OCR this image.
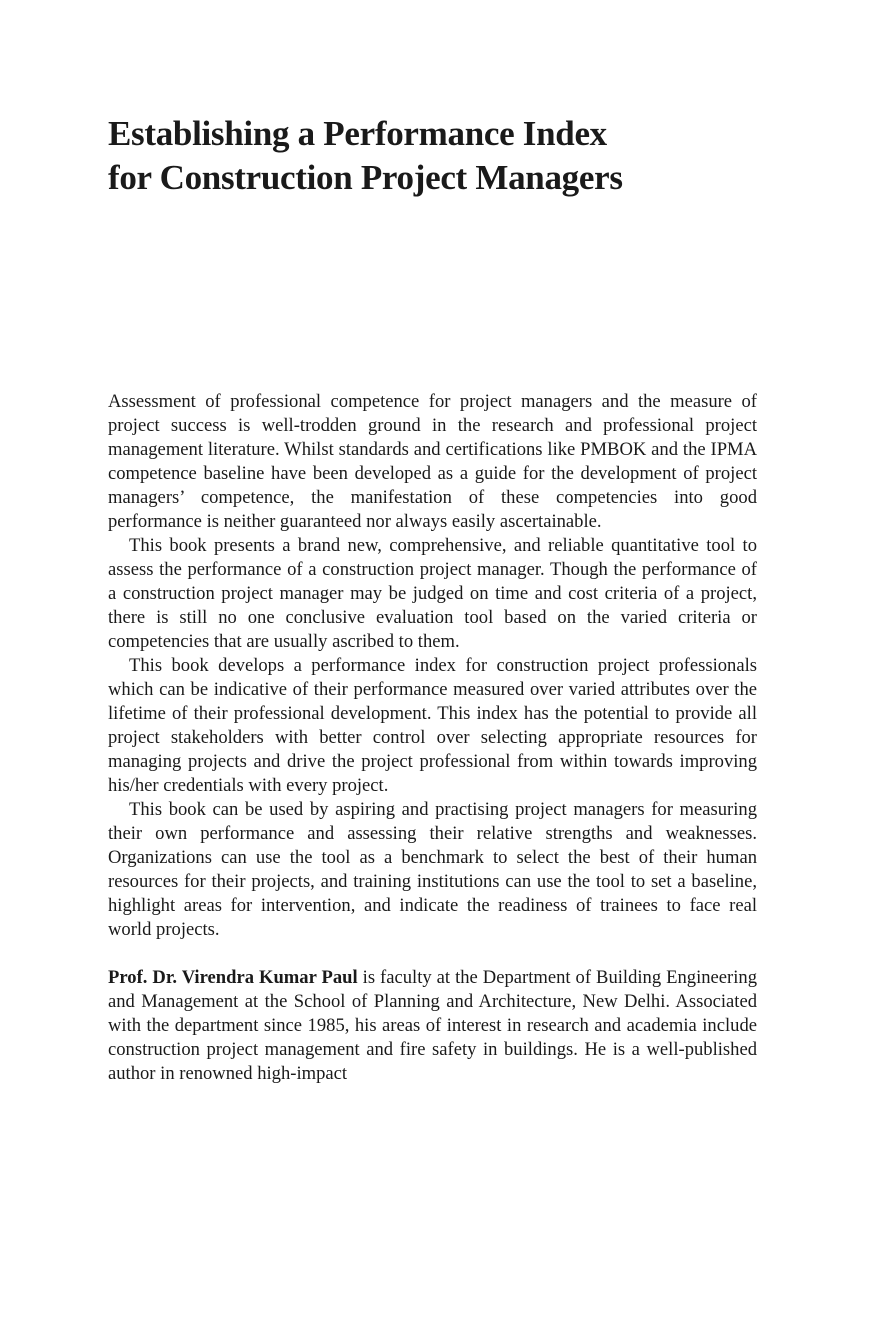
Establishing a Performance Index
for Construction Project Managers

Assessment of professional competence for project managers and the measure of project success is well-trodden ground in the research and professional project management literature. Whilst standards and certifications like PMBOK and the IPMA competence baseline have been developed as a guide for the development of project managers’ competence, the manifestation of these competencies into good performance is neither guaranteed nor always easily ascertainable.

This book presents a brand new, comprehensive, and reliable quantitative tool to assess the performance of a construction project manager. Though the performance of a construction project manager may be judged on time and cost criteria of a project, there is still no one conclusive evaluation tool based on the varied criteria or competencies that are usually ascribed to them.

This book develops a performance index for construction project professionals which can be indicative of their performance measured over varied attributes over the lifetime of their professional development. This index has the potential to provide all project stakeholders with better control over selecting appropriate resources for managing projects and drive the project professional from within towards improving his/her credentials with every project.

This book can be used by aspiring and practising project managers for measuring their own performance and assessing their relative strengths and weaknesses. Organizations can use the tool as a benchmark to select the best of their human resources for their projects, and training institutions can use the tool to set a baseline, highlight areas for intervention, and indicate the readiness of trainees to face real world projects.

Prof. Dr. Virendra Kumar Paul is faculty at the Department of Building Engineering and Management at the School of Planning and Architecture, New Delhi. Associated with the department since 1985, his areas of interest in research and academia include construction project management and fire safety in buildings. He is a well-published author in renowned high-impact
